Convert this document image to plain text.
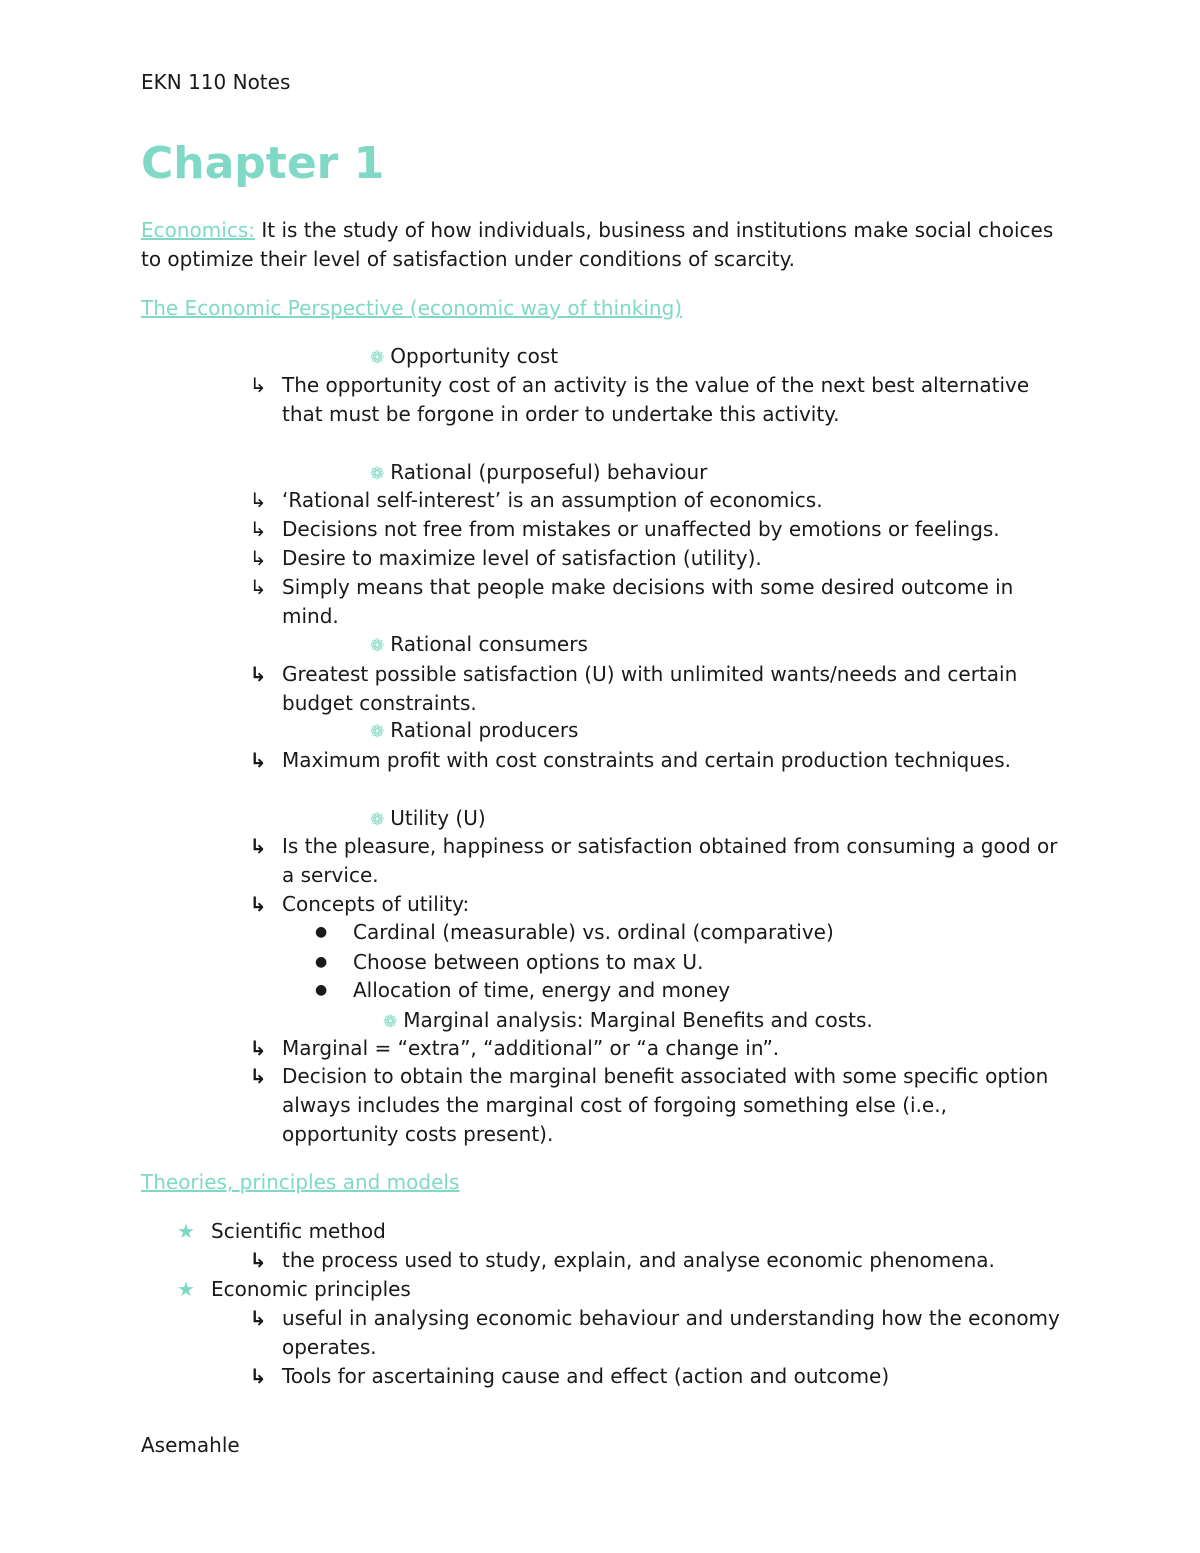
EKN 110 Notes
Chapter 1
Economics: It is the study of how individuals, business and institutions make social choices to optimize their level of satisfaction under conditions of scarcity.
The Economic Perspective (economic way of thinking)
❁ Opportunity cost
↳ The opportunity cost of an activity is the value of the next best alternative that must be forgone in order to undertake this activity.
❁ Rational (purposeful) behaviour
↳ ‘Rational self-interest’ is an assumption of economics.
↳ Decisions not free from mistakes or unaffected by emotions or feelings.
↳ Desire to maximize level of satisfaction (utility).
↳ Simply means that people make decisions with some desired outcome in mind.
❁ Rational consumers
↳ Greatest possible satisfaction (U) with unlimited wants/needs and certain budget constraints.
❁ Rational producers
↳ Maximum profit with cost constraints and certain production techniques.
❁ Utility (U)
↳ Is the pleasure, happiness or satisfaction obtained from consuming a good or a service.
↳ Concepts of utility:
● Cardinal (measurable) vs. ordinal (comparative)
● Choose between options to max U.
● Allocation of time, energy and money
❁ Marginal analysis: Marginal Benefits and costs.
↳ Marginal = “extra”, “additional” or “a change in”.
↳ Decision to obtain the marginal benefit associated with some specific option always includes the marginal cost of forgoing something else (i.e., opportunity costs present).
Theories, principles and models
★ Scientific method
↳ the process used to study, explain, and analyse economic phenomena.
★ Economic principles
↳ useful in analysing economic behaviour and understanding how the economy operates.
↳ Tools for ascertaining cause and effect (action and outcome)
Asemahle
